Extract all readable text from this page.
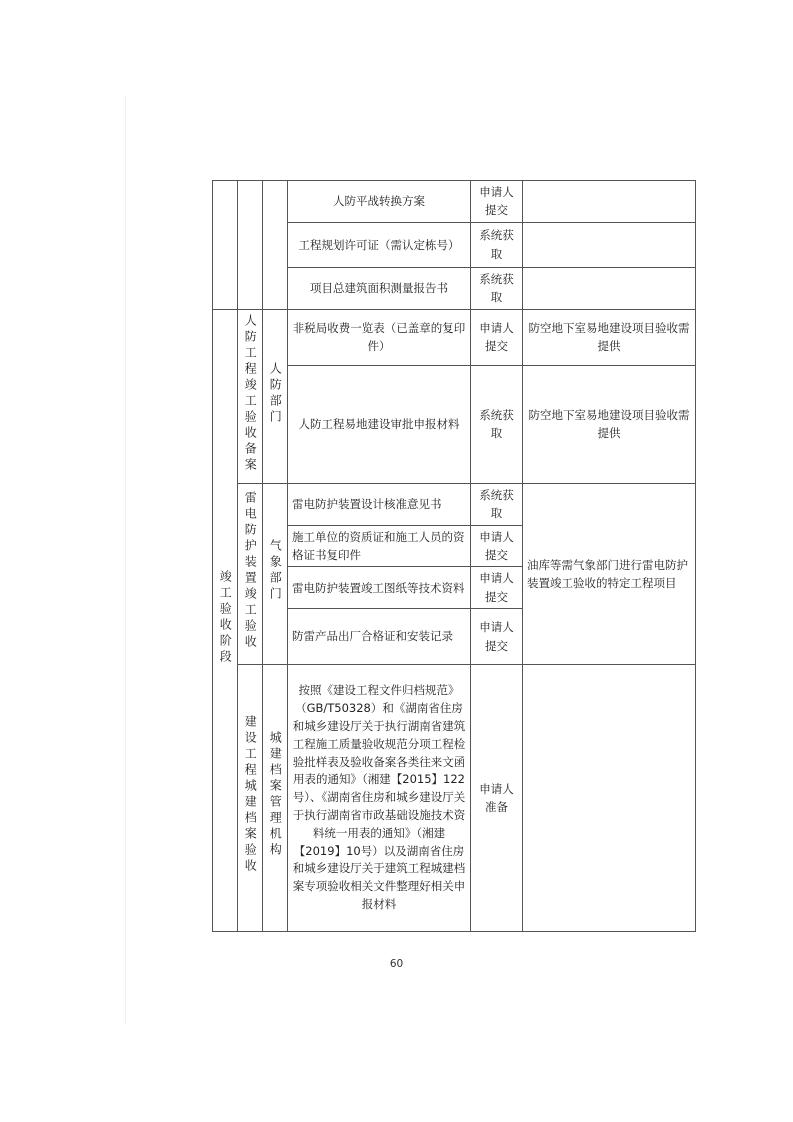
			人防平战转换方案	申请人提交	
			工程规划许可证（需认定栋号）	系统获取	
			项目总建筑面积测量报告书	系统获取	
竣工验收阶段	人防工程竣工验收备案	人防部门	非税局收费一览表（已盖章的复印件）	申请人提交	防空地下室易地建设项目验收需提供
			人防工程易地建设审批申报材料	系统获取	防空地下室易地建设项目验收需提供
	雷电防护装置竣工验收	气象部门	雷电防护装置设计核准意见书	系统获取	油库等需气象部门进行雷电防护装置竣工验收的特定工程项目
			施工单位的资质证和施工人员的资格证书复印件	申请人提交	
			雷电防护装置竣工图纸等技术资料	申请人提交	
			防雷产品出厂合格证和安装记录	申请人提交	
	建设工程城建档案验收	城建档案管理机构	按照《建设工程文件归档规范》（GB/T50328）和《湖南省住房和城乡建设厅关于执行湖南省建筑工程施工质量验收规范分项工程检验批样表及验收备案各类往来文函用表的通知》（湘建【2015】122号）、《湖南省住房和城乡建设厅关于执行湖南省市政基础设施技术资料统一用表的通知》（湘建【2019】10号）以及湖南省住房和城乡建设厅关于建筑工程城建档案专项验收相关文件整理好相关申报材料	申请人准备	
60
